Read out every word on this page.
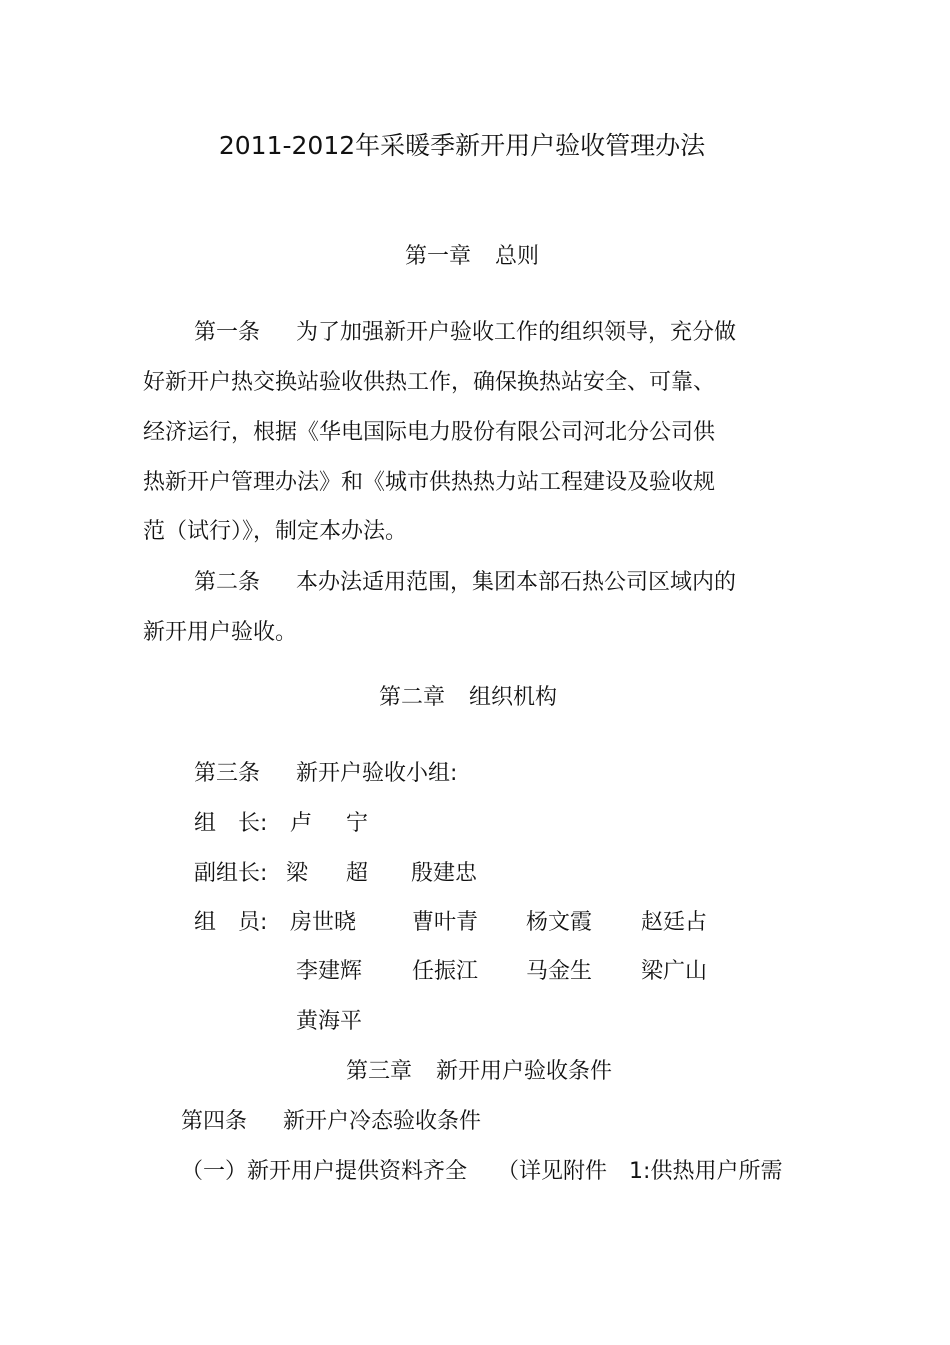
2011-2012年采暖季新开用户验收管理办法
第一章 总则
第一条 为了加强新开户验收工作的组织领导，充分做
好新开户热交换站验收供热工作，确保换热站安全、可靠、
经济运行，根据《华电国际电力股份有限公司河北分公司供
热新开户管理办法》和《城市供热热力站工程建设及验收规
范（试行）》，制定本办法。
第二条 本办法适用范围，集团本部石热公司区域内的
新开用户验收。
第二章 组织机构
第三条 新开户验收小组:
组　长: 卢 宁
副组长: 梁 超 殷建忠
组　员: 房世晓	曹叶青 杨文霞 赵廷占
李建辉 任振江 马金生 梁广山
黄海平
第三章 新开用户验收条件
第四条 新开户冷态验收条件
（一）新开用户提供资料齐全 （详见附件 1:供热用户所需
